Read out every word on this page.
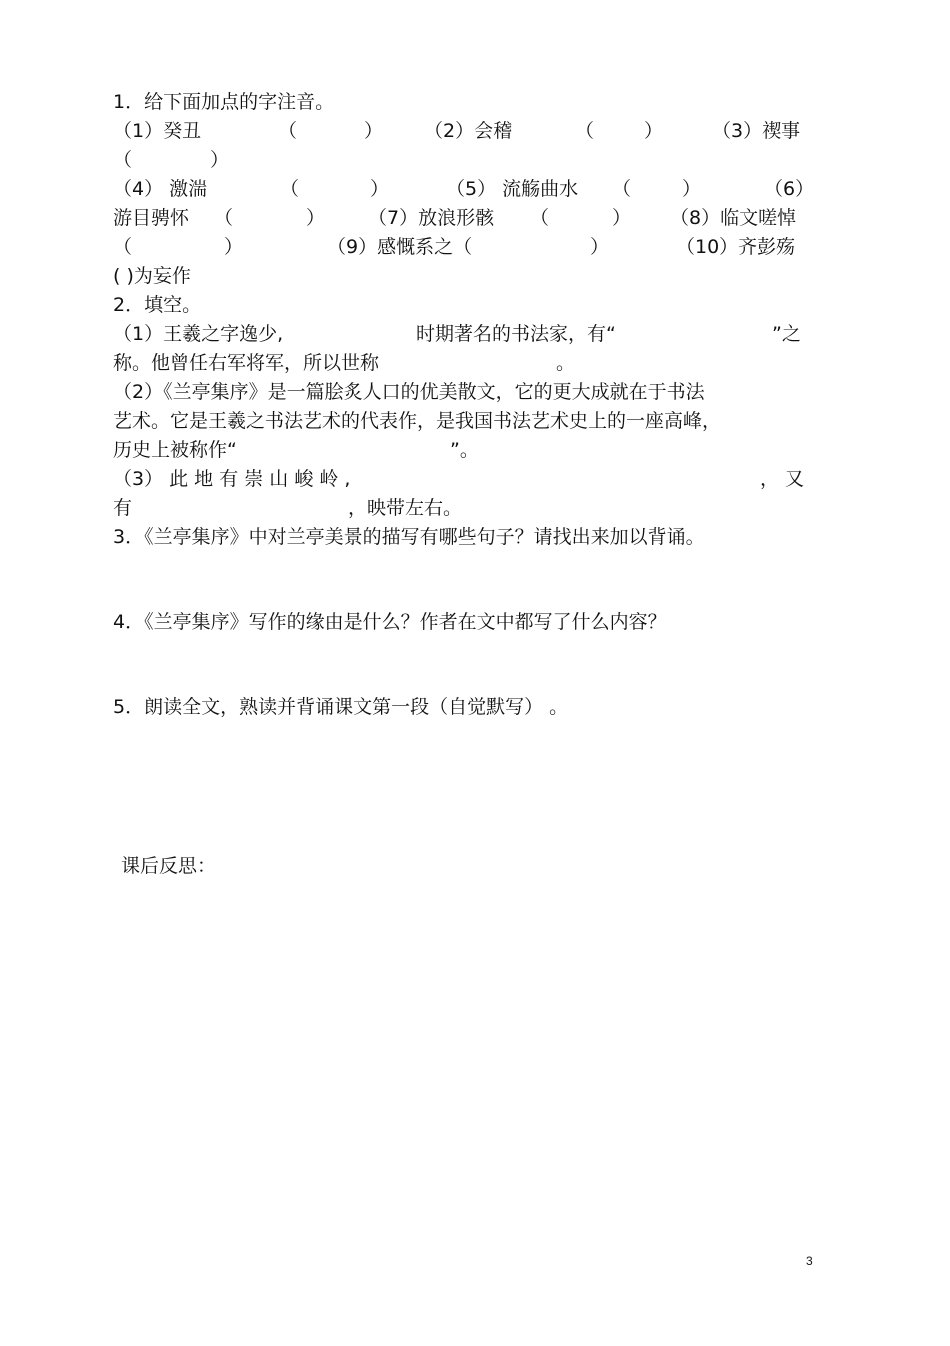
1．给下面加点的字注音。
（1）癸丑	（	） （2）会稽	（	）	（3）禊事
（	）
（4） 激湍	（	）	（5） 流觞曲水 （	）	（6）
游目骋怀 （	） （7）放浪形骸 （	） （8）临文嗟悼
（	）	（9）感慨系之（	）	（10）齐彭殇
( )为妄作
2．填空。
（1）王羲之字逸少,	时期著名的书法家，有“	”之
称。他曾任右军将军，所以世称	。
（2）《兰亭集序》是一篇脍炙人口的优美散文，它的更大成就在于书法
艺术。它是王羲之书法艺术的代表作，是我国书法艺术史上的一座高峰，
历史上被称作“	”。
（3） 此 地 有 崇 山 峻 岭 ,	， 又
有	，映带左右。
3．《兰亭集序》中对兰亭美景的描写有哪些句子？请找出来加以背诵。
4．《兰亭集序》写作的缘由是什么？作者在文中都写了什么内容？
5．朗读全文，熟读并背诵课文第一段（自觉默写） 。
课后反思：
3
